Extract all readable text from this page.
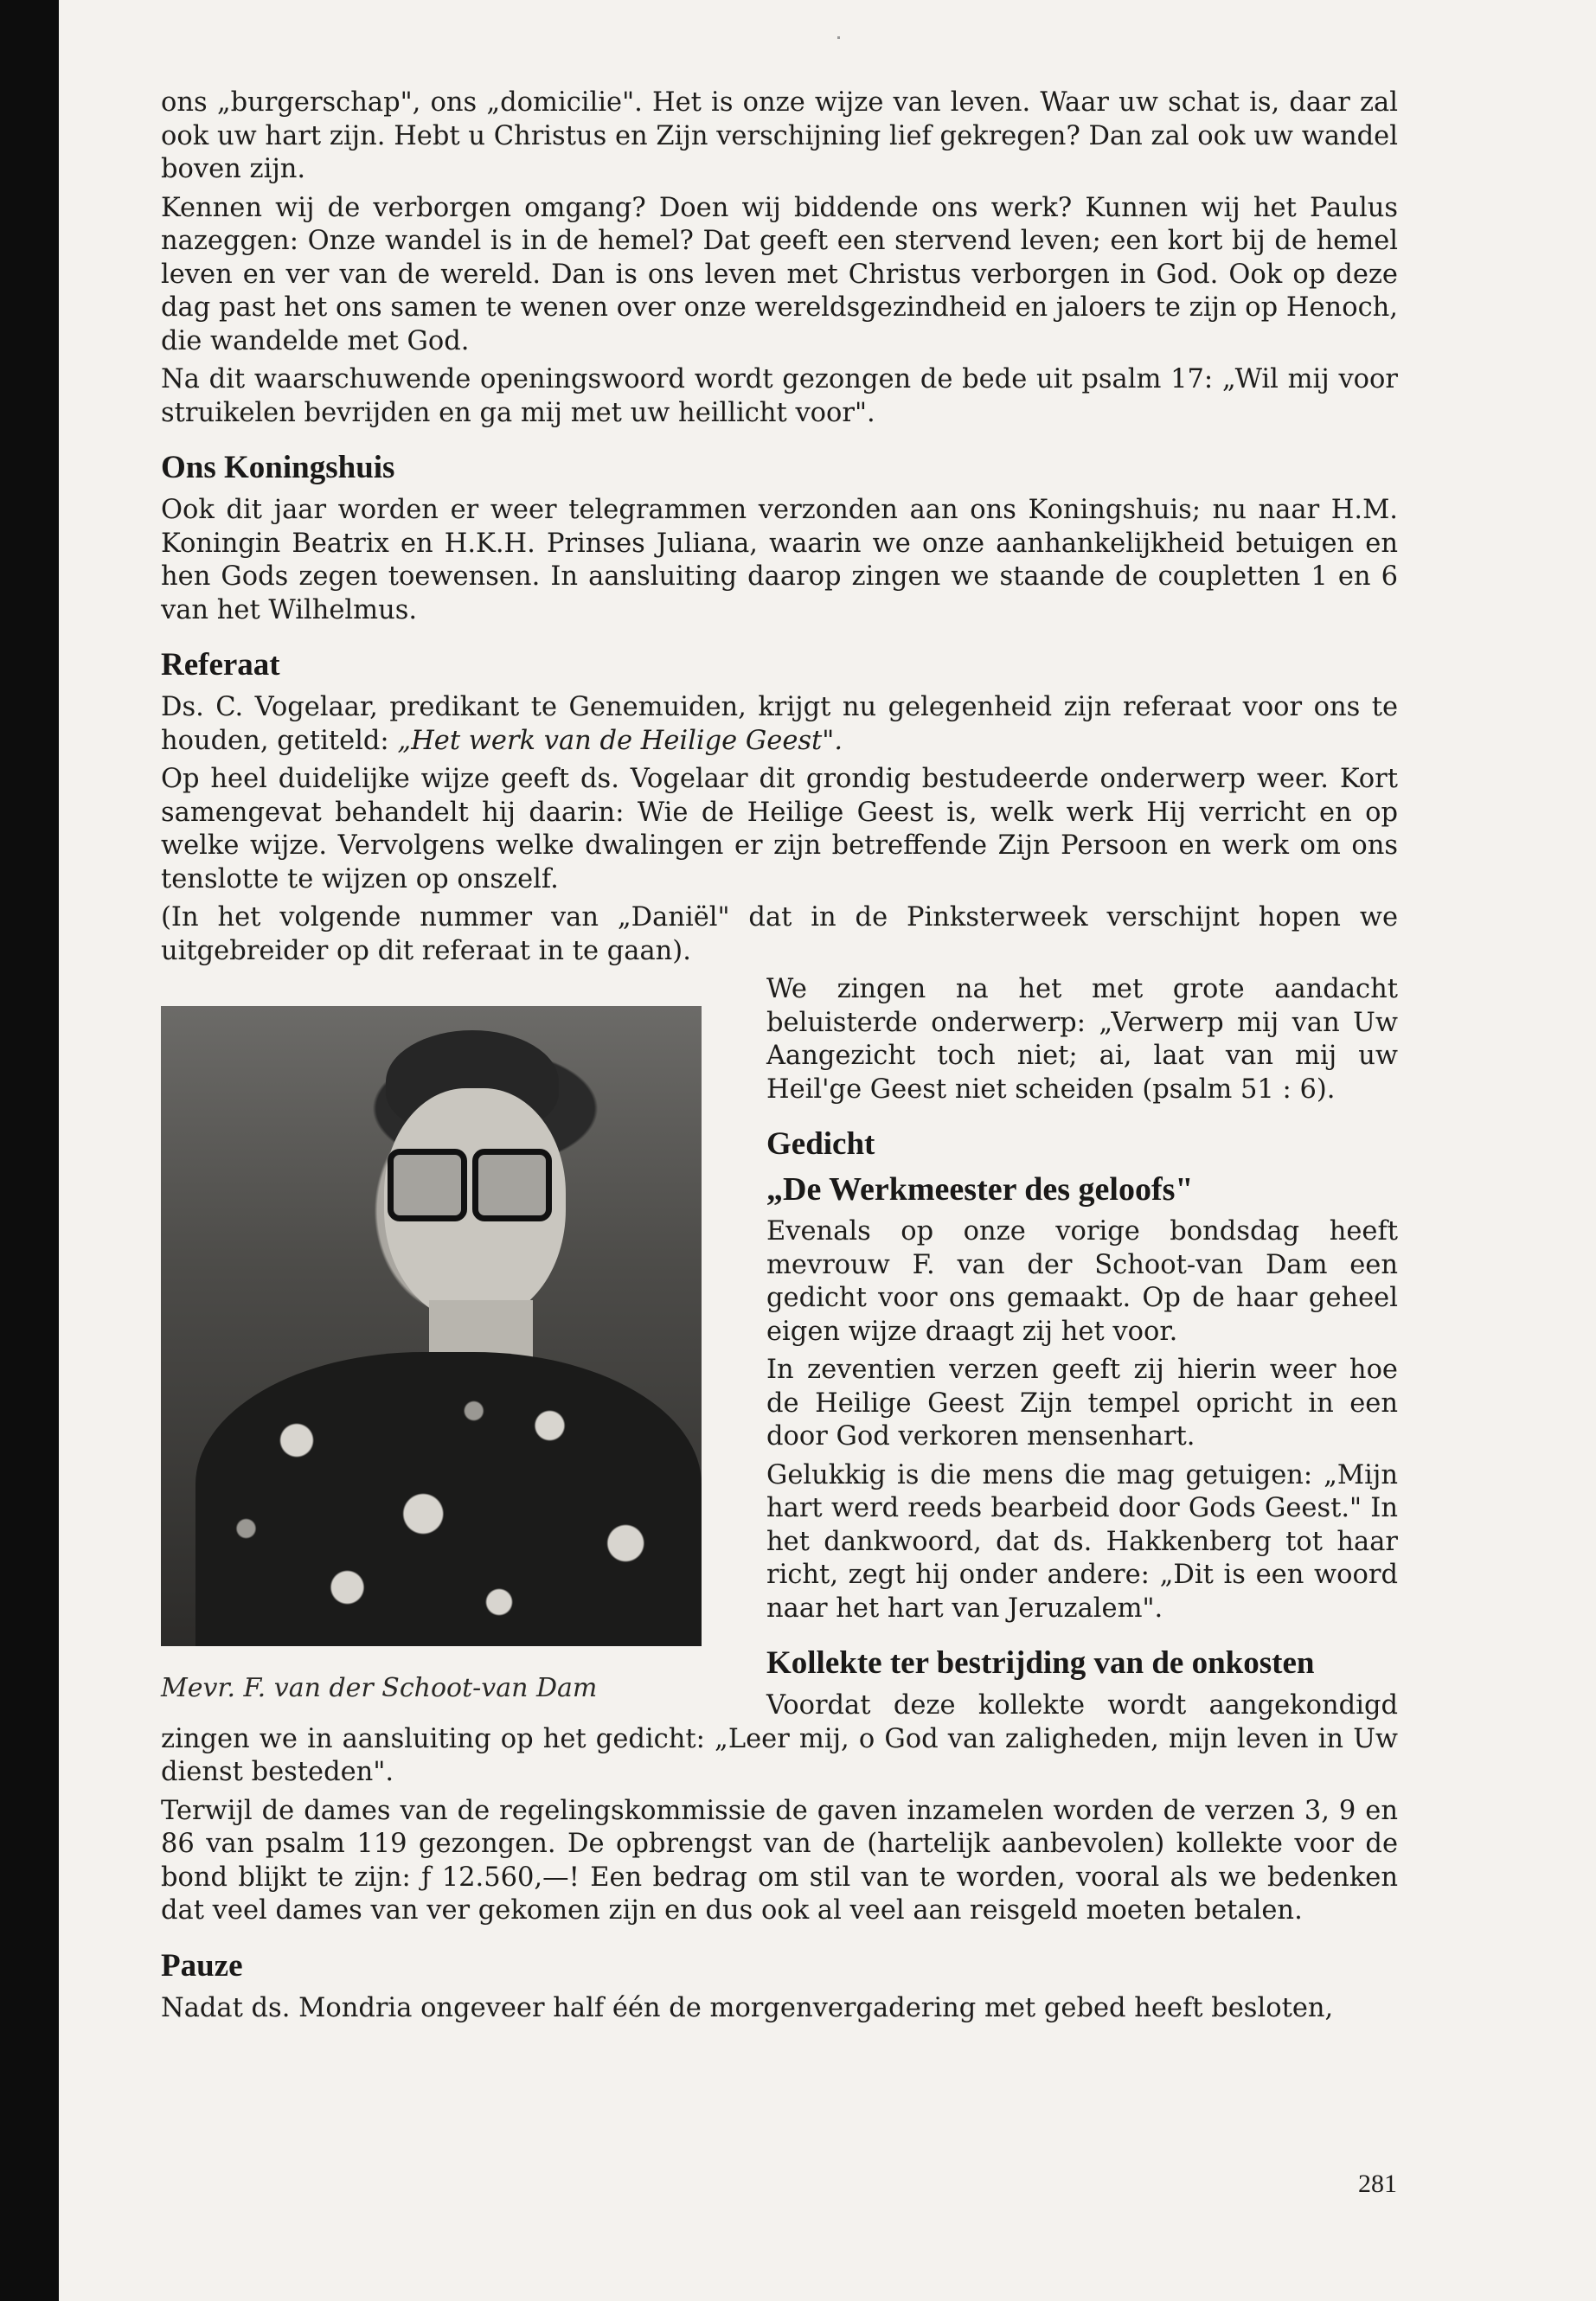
ons „burgerschap", ons „domicilie". Het is onze wijze van leven. Waar uw schat is, daar zal ook uw hart zijn. Hebt u Christus en Zijn verschijning lief gekregen? Dan zal ook uw wandel boven zijn.

Kennen wij de verborgen omgang? Doen wij biddende ons werk? Kunnen wij het Paulus nazeggen: Onze wandel is in de hemel? Dat geeft een stervend leven; een kort bij de hemel leven en ver van de wereld. Dan is ons leven met Christus verborgen in God. Ook op deze dag past het ons samen te wenen over onze wereldsgezindheid en jaloers te zijn op Henoch, die wandelde met God.

Na dit waarschuwende openingswoord wordt gezongen de bede uit psalm 17: „Wil mij voor struikelen bevrijden en ga mij met uw heillicht voor".

Ons Koningshuis

Ook dit jaar worden er weer telegrammen verzonden aan ons Koningshuis; nu naar H.M. Koningin Beatrix en H.K.H. Prinses Juliana, waarin we onze aanhankelijkheid betuigen en hen Gods zegen toewensen. In aansluiting daarop zingen we staande de coupletten 1 en 6 van het Wilhelmus.

Referaat

Ds. C. Vogelaar, predikant te Genemuiden, krijgt nu gelegenheid zijn referaat voor ons te houden, getiteld: „Het werk van de Heilige Geest".

Op heel duidelijke wijze geeft ds. Vogelaar dit grondig bestudeerde onderwerp weer. Kort samengevat behandelt hij daarin: Wie de Heilige Geest is, welk werk Hij verricht en op welke wijze. Vervolgens welke dwalingen er zijn betreffende Zijn Persoon en werk om ons tenslotte te wijzen op onszelf.

(In het volgende nummer van „Daniël" dat in de Pinksterweek verschijnt hopen we uitgebreider op dit referaat in te gaan).

Mevr. F. van der Schoot-van Dam

We zingen na het met grote aandacht beluisterde onderwerp: „Verwerp mij van Uw Aangezicht toch niet; ai, laat van mij uw Heil'ge Geest niet scheiden (psalm 51 : 6).

Gedicht
„De Werkmeester des geloofs"

Evenals op onze vorige bondsdag heeft mevrouw F. van der Schoot-van Dam een gedicht voor ons gemaakt. Op de haar geheel eigen wijze draagt zij het voor.

In zeventien verzen geeft zij hierin weer hoe de Heilige Geest Zijn tempel opricht in een door God verkoren mensenhart.

Gelukkig is die mens die mag getuigen: „Mijn hart werd reeds bearbeid door Gods Geest." In het dankwoord, dat ds. Hakkenberg tot haar richt, zegt hij onder andere: „Dit is een woord naar het hart van Jeruzalem".

Kollekte ter bestrijding van de onkosten

Voordat deze kollekte wordt aangekondigd zingen we in aansluiting op het gedicht: „Leer mij, o God van zaligheden, mijn leven in Uw dienst besteden".

Terwijl de dames van de regelingskommissie de gaven inzamelen worden de verzen 3, 9 en 86 van psalm 119 gezongen. De opbrengst van de (hartelijk aanbevolen) kollekte voor de bond blijkt te zijn: ƒ 12.560,—! Een bedrag om stil van te worden, vooral als we bedenken dat veel dames van ver gekomen zijn en dus ook al veel aan reisgeld moeten betalen.

Pauze

Nadat ds. Mondria ongeveer half één de morgenvergadering met gebed heeft besloten,

281
